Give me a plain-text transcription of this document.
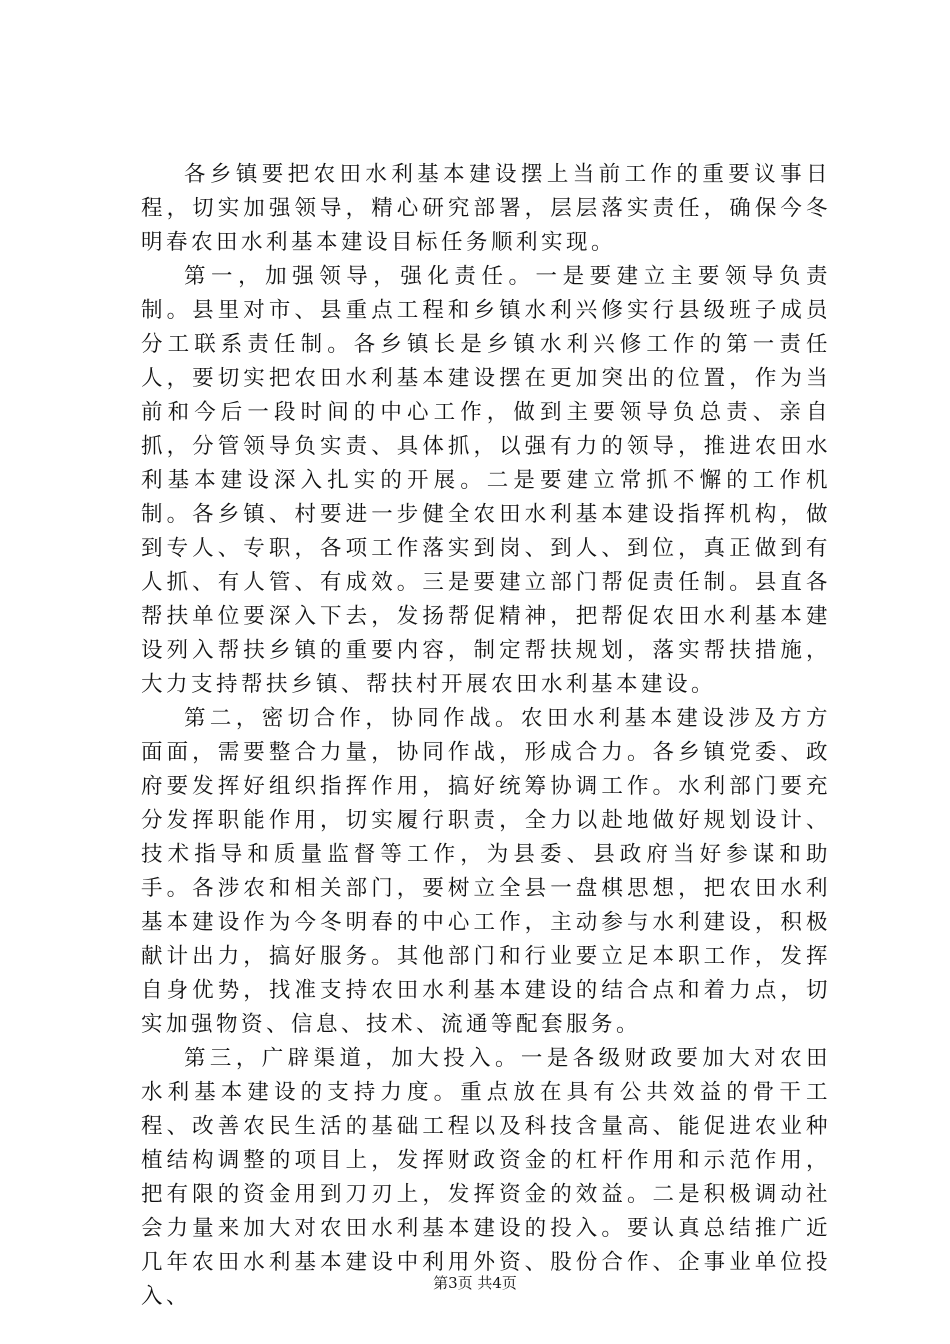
各乡镇要把农田水利基本建设摆上当前工作的重要议事日程，切实加强领导，精心研究部署，层层落实责任，确保今冬明春农田水利基本建设目标任务顺利实现。

第一，加强领导，强化责任。一是要建立主要领导负责制。县里对市、县重点工程和乡镇水利兴修实行县级班子成员分工联系责任制。各乡镇长是乡镇水利兴修工作的第一责任人，要切实把农田水利基本建设摆在更加突出的位置，作为当前和今后一段时间的中心工作，做到主要领导负总责、亲自抓，分管领导负实责、具体抓，以强有力的领导，推进农田水利基本建设深入扎实的开展。二是要建立常抓不懈的工作机制。各乡镇、村要进一步健全农田水利基本建设指挥机构，做到专人、专职，各项工作落实到岗、到人、到位，真正做到有人抓、有人管、有成效。三是要建立部门帮促责任制。县直各帮扶单位要深入下去，发扬帮促精神，把帮促农田水利基本建设列入帮扶乡镇的重要内容，制定帮扶规划，落实帮扶措施，大力支持帮扶乡镇、帮扶村开展农田水利基本建设。

第二，密切合作，协同作战。农田水利基本建设涉及方方面面，需要整合力量，协同作战，形成合力。各乡镇党委、政府要发挥好组织指挥作用，搞好统筹协调工作。水利部门要充分发挥职能作用，切实履行职责，全力以赴地做好规划设计、技术指导和质量监督等工作，为县委、县政府当好参谋和助手。各涉农和相关部门，要树立全县一盘棋思想，把农田水利基本建设作为今冬明春的中心工作，主动参与水利建设，积极献计出力，搞好服务。其他部门和行业要立足本职工作，发挥自身优势，找准支持农田水利基本建设的结合点和着力点，切实加强物资、信息、技术、流通等配套服务。

第三，广辟渠道，加大投入。一是各级财政要加大对农田水利基本建设的支持力度。重点放在具有公共效益的骨干工程、改善农民生活的基础工程以及科技含量高、能促进农业种植结构调整的项目上，发挥财政资金的杠杆作用和示范作用，把有限的资金用到刀刃上，发挥资金的效益。二是积极调动社会力量来加大对农田水利基本建设的投入。要认真总结推广近几年农田水利基本建设中利用外资、股份合作、企事业单位投入、

第3页 共4页
